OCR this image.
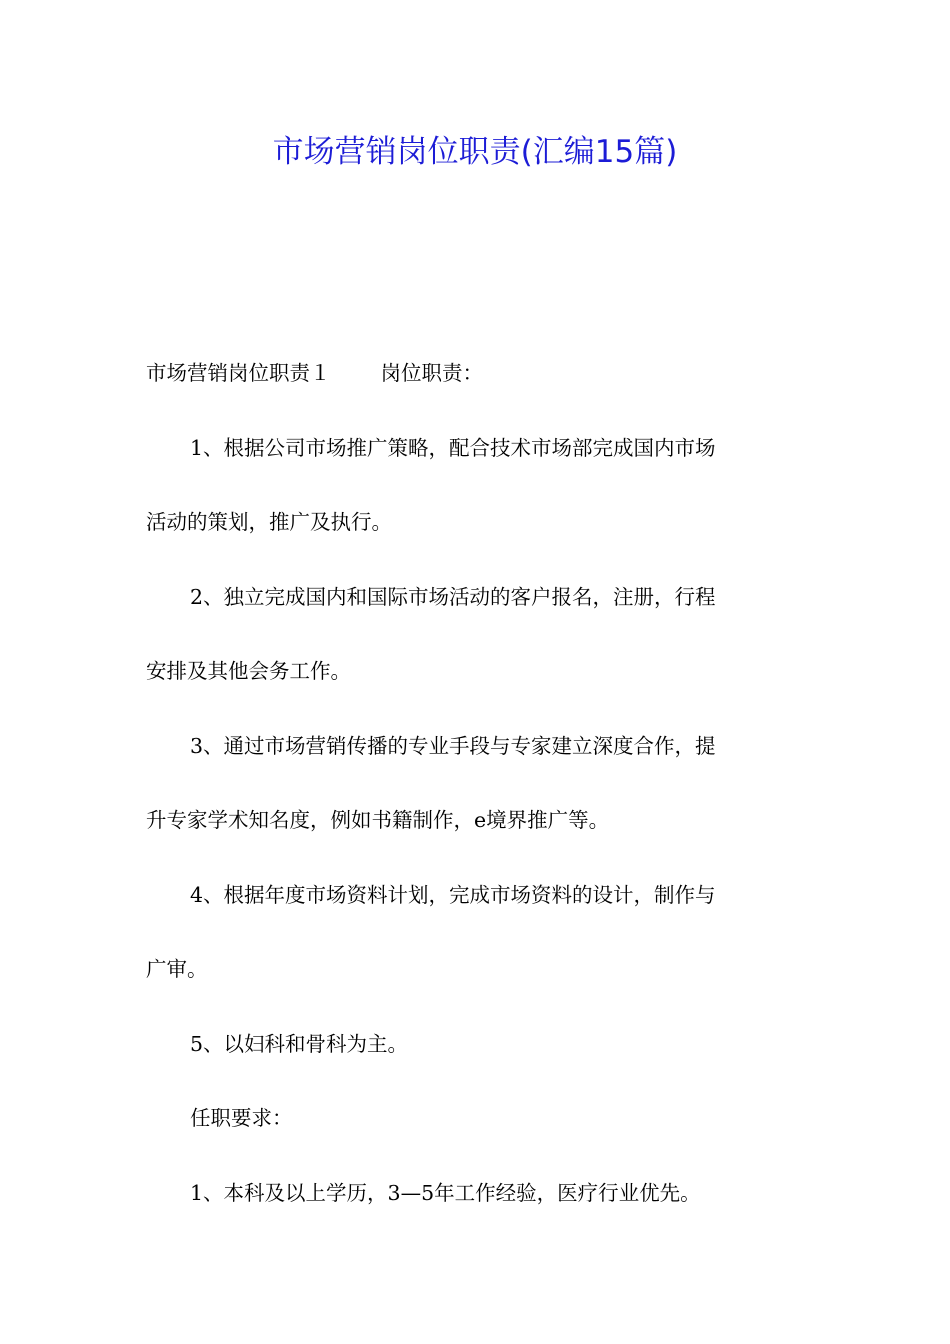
市场营销岗位职责(汇编15篇)
市场营销岗位职责１ 岗位职责：
1、根据公司市场推广策略，配合技术市场部完成国内市场
活动的策划，推广及执行。
2、独立完成国内和国际市场活动的客户报名，注册，行程
安排及其他会务工作。
3、通过市场营销传播的专业手段与专家建立深度合作，提
升专家学术知名度，例如书籍制作，e境界推广等。
4、根据年度市场资料计划，完成市场资料的设计，制作与
广审。
5、以妇科和骨科为主。
任职要求：
1、本科及以上学历，3—5年工作经验，医疗行业优先。
